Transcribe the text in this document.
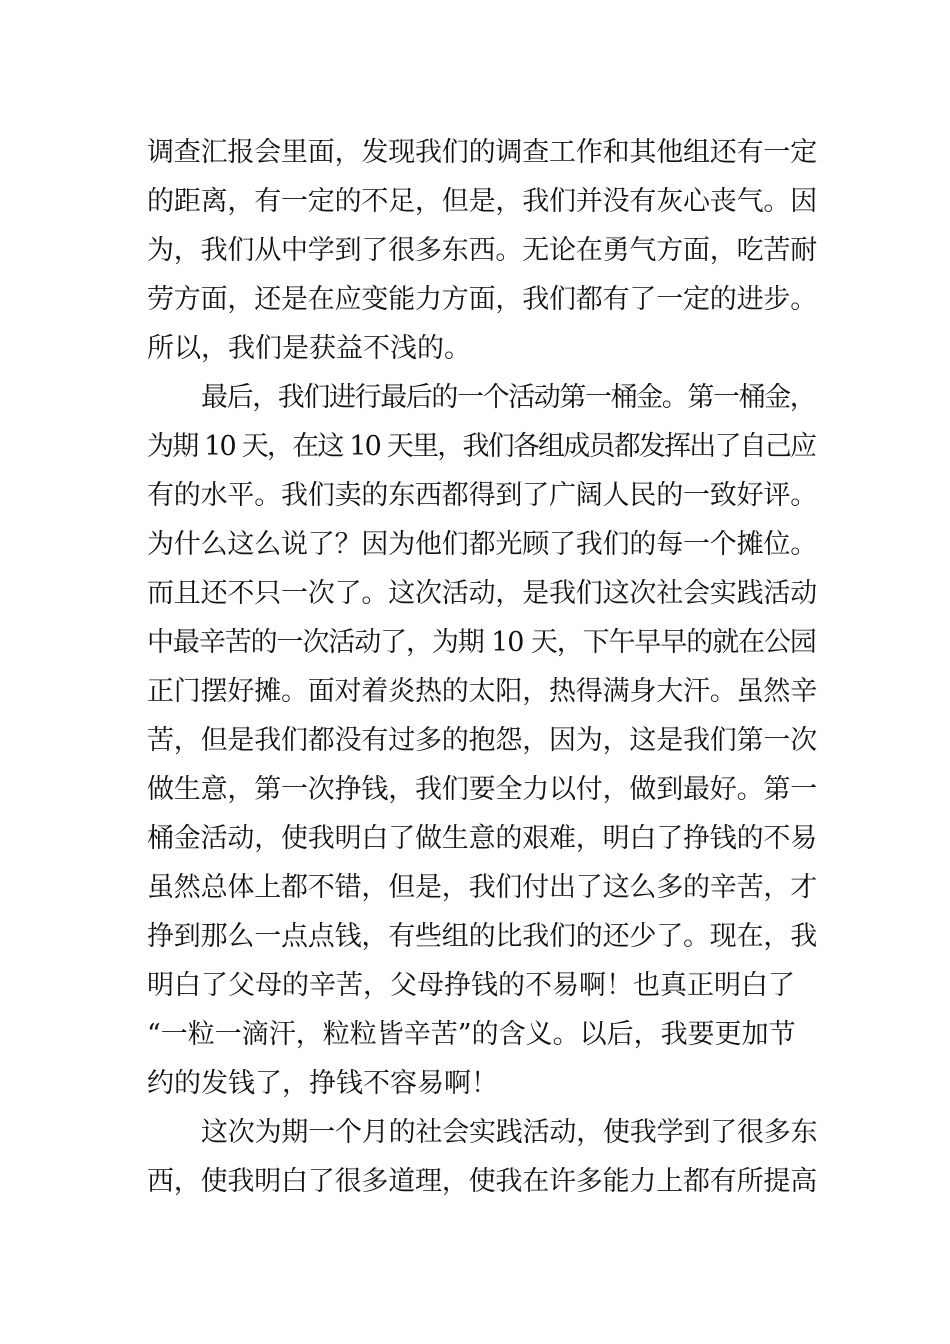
调查汇报会里面，发现我们的调查工作和其他组还有一定
的距离，有一定的不足，但是，我们并没有灰心丧气。因
为，我们从中学到了很多东西。无论在勇气方面，吃苦耐
劳方面，还是在应变能力方面，我们都有了一定的进步。
所以，我们是获益不浅的。
最后，我们进行最后的一个活动第一桶金。第一桶金，
为期 10 天，在这 10 天里，我们各组成员都发挥出了自己应
有的水平。我们卖的东西都得到了广阔人民的一致好评。
为什么这么说了？因为他们都光顾了我们的每一个摊位。
而且还不只一次了。这次活动，是我们这次社会实践活动
中最辛苦的一次活动了，为期 10 天，下午早早的就在公园
正门摆好摊。面对着炎热的太阳，热得满身大汗。虽然辛
苦，但是我们都没有过多的抱怨，因为，这是我们第一次
做生意，第一次挣钱，我们要全力以付，做到最好。第一
桶金活动，使我明白了做生意的艰难，明白了挣钱的不易
虽然总体上都不错，但是，我们付出了这么多的辛苦，才
挣到那么一点点钱，有些组的比我们的还少了。现在，我
明白了父母的辛苦，父母挣钱的不易啊！也真正明白了
“一粒一滴汗，粒粒皆辛苦”的含义。以后，我要更加节
约的发钱了，挣钱不容易啊！
这次为期一个月的社会实践活动，使我学到了很多东
西，使我明白了很多道理，使我在许多能力上都有所提高
